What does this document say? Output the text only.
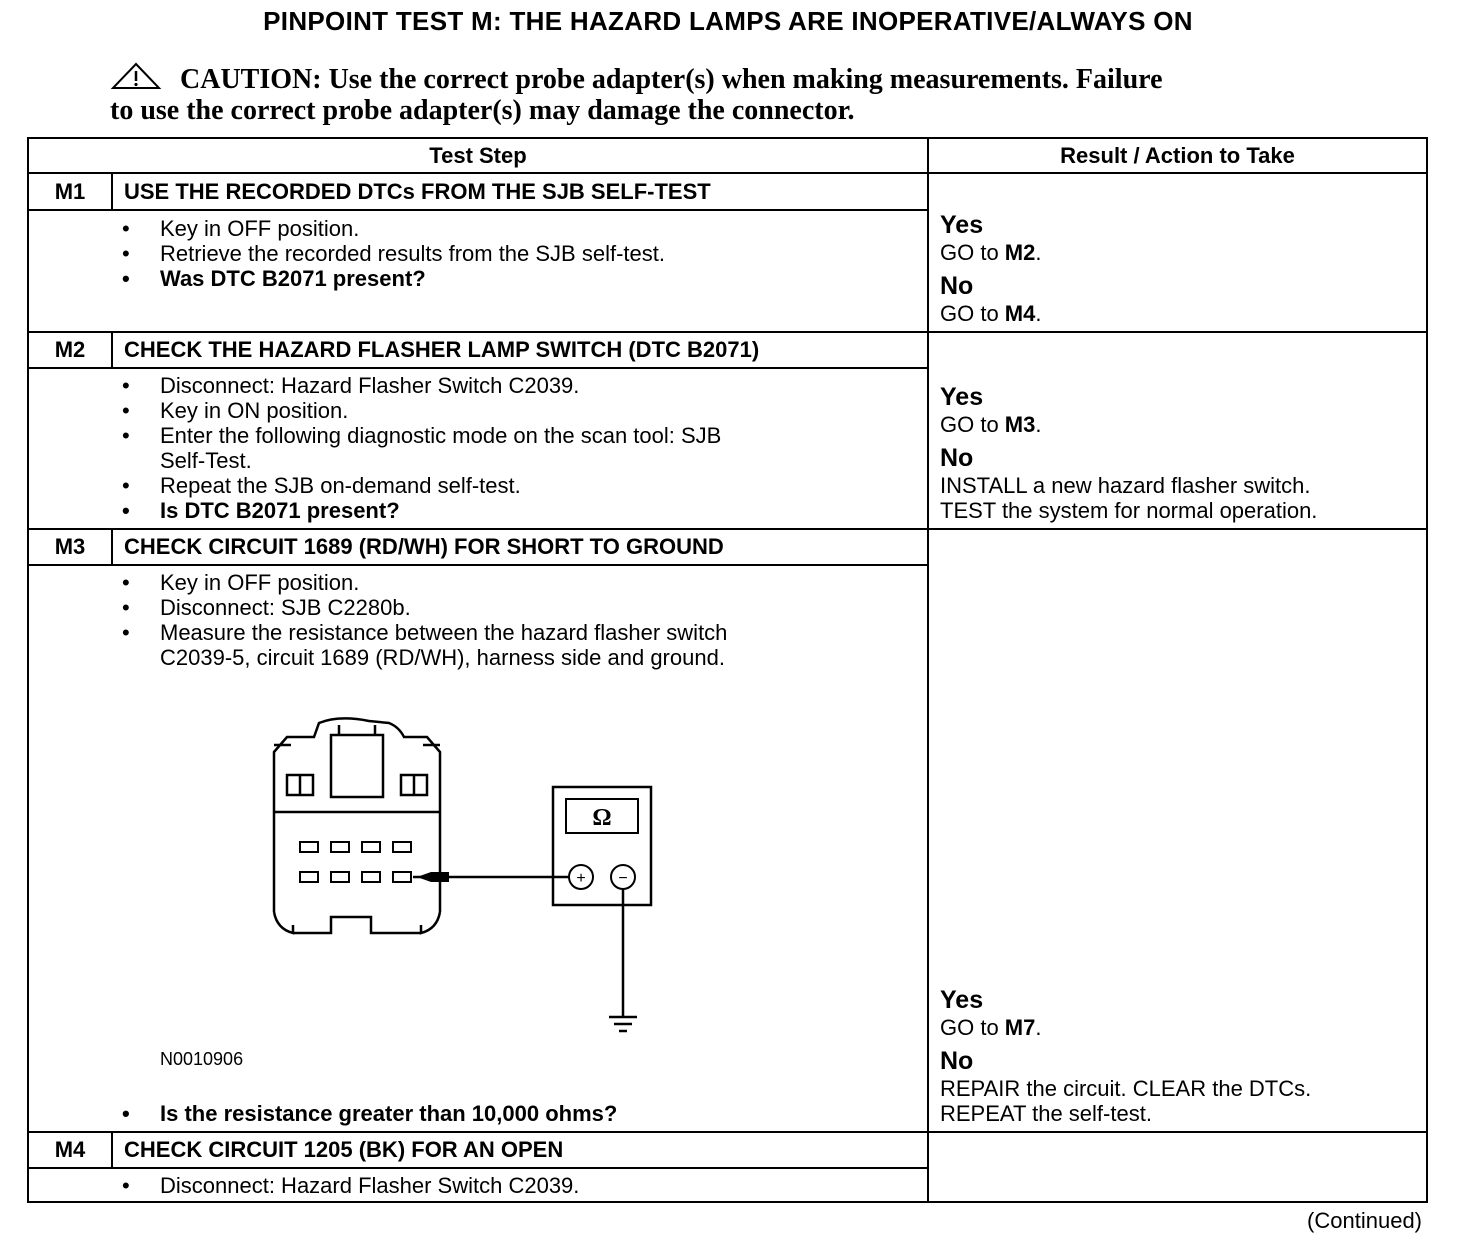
PINPOINT TEST M: THE HAZARD LAMPS ARE INOPERATIVE/ALWAYS ON
CAUTION: Use the correct probe adapter(s) when making measurements. Failure
to use the correct probe adapter(s) may damage the connector.
Test Step	Result / Action to Take
M1	USE THE RECORDED DTCs FROM THE SJB SELF-TEST
• Key in OFF position.
• Retrieve the recorded results from the SJB self-test.
• Was DTC B2071 present?
Yes
GO to M2.
No
GO to M4.
M2	CHECK THE HAZARD FLASHER LAMP SWITCH (DTC B2071)
• Disconnect: Hazard Flasher Switch C2039.
• Key in ON position.
• Enter the following diagnostic mode on the scan tool: SJB
Self-Test.
• Repeat the SJB on-demand self-test.
• Is DTC B2071 present?
Yes
GO to M3.
No
INSTALL a new hazard flasher switch.
TEST the system for normal operation.
M3	CHECK CIRCUIT 1689 (RD/WH) FOR SHORT TO GROUND
• Key in OFF position.
• Disconnect: SJB C2280b.
• Measure the resistance between the hazard flasher switch
C2039-5, circuit 1689 (RD/WH), harness side and ground.
Ω
+ −
N0010906
• Is the resistance greater than 10,000 ohms?
Yes
GO to M7.
No
REPAIR the circuit. CLEAR the DTCs.
REPEAT the self-test.
M4	CHECK CIRCUIT 1205 (BK) FOR AN OPEN
• Disconnect: Hazard Flasher Switch C2039.
(Continued)
